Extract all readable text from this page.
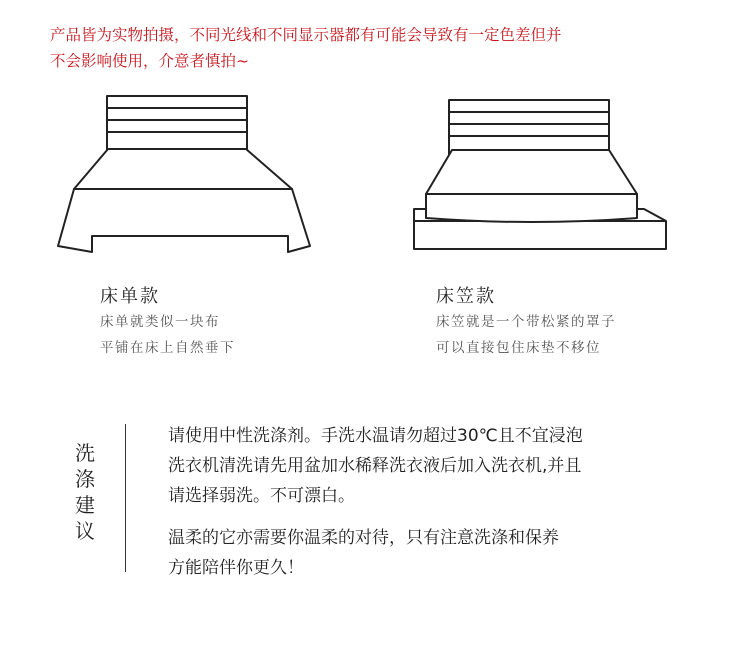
产品皆为实物拍摄，不同光线和不同显示器都有可能会导致有一定色差但并
不会影响使用，介意者慎拍~
床单款
床单就类似一块布
平铺在床上自然垂下
床笠款
床笠就是一个带松紧的罩子
可以直接包住床垫不移位
洗
涤
建
议

请使用中性洗涤剂。手洗水温请勿超过30℃且不宜浸泡

洗衣机清洗请先用盆加水稀释洗衣液后加入洗衣机,并且

请选择弱洗。不可漂白。

温柔的它亦需要你温柔的对待，只有注意洗涤和保养

方能陪伴你更久！
